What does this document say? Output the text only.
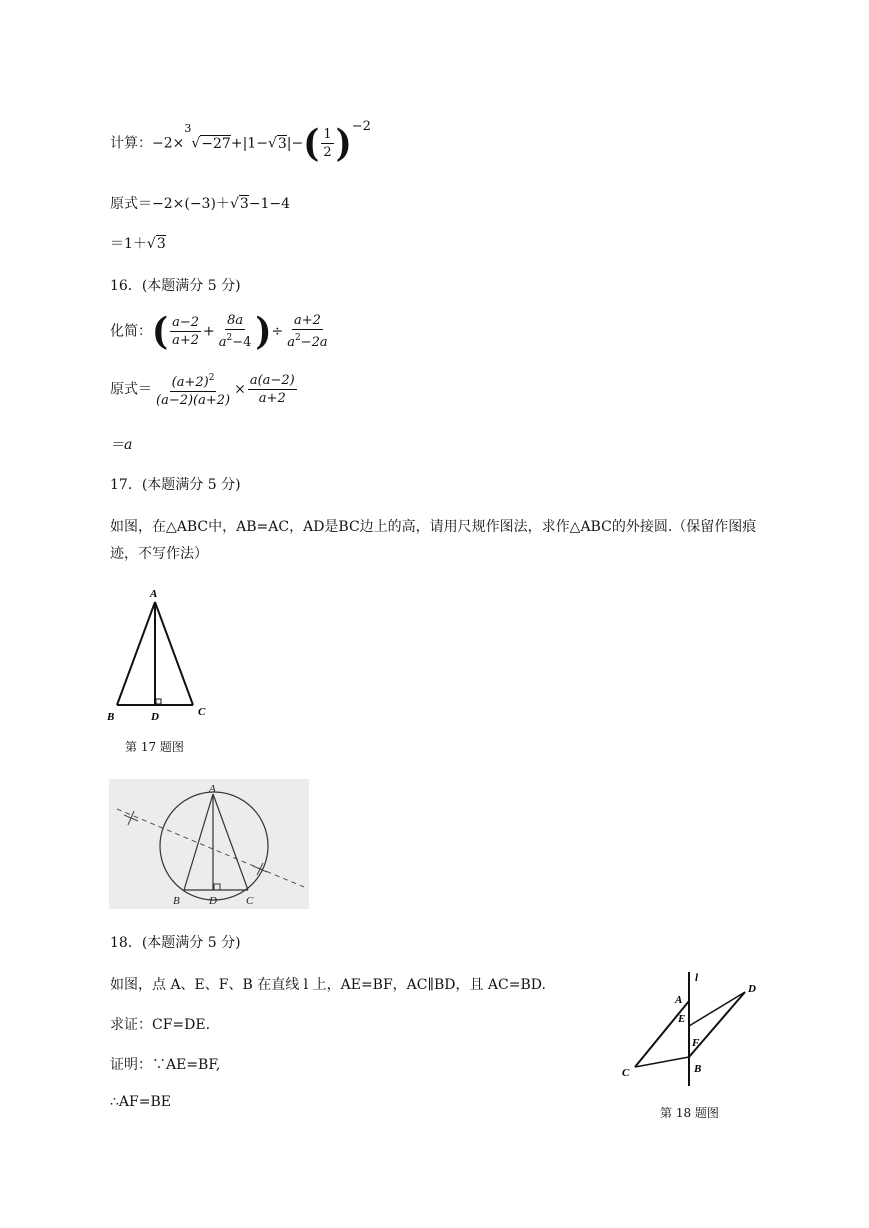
计算：$-2\times^3√-27+|1-√3|-( \frac{1}{2} )^{-2}$
原式＝−2×(−3)＋√3−1−4
＝1＋√3
16．(本题满分 5 分)
化简：( $\frac{a-2}{a+2} + \frac{8a}{a^2-4}$ )÷ $\frac{a+2}{a^2-2a}$
原式＝ $\frac{(a+2)^2}{(a-2)(a+2)} \times \frac{a(a-2)}{a+2}$
＝a
17．(本题满分 5 分)
如图，在△ABC中，AB=AC，AD是BC边上的高，请用尺规作图法，求作△ABC的外接圆.（保留作图痕
迹，不写作法）
A
B	D	C
第 17 题图
A
B	D	C
18．(本题满分 5 分)
如图，点 A、E、F、B 在直线 l 上，AE=BF，AC∥BD，且 AC=BD.
求证：CF=DE.
证明：∵AE=BF,
∴AF=BE
l
A
E
F
B
C
D
第 18 题图
